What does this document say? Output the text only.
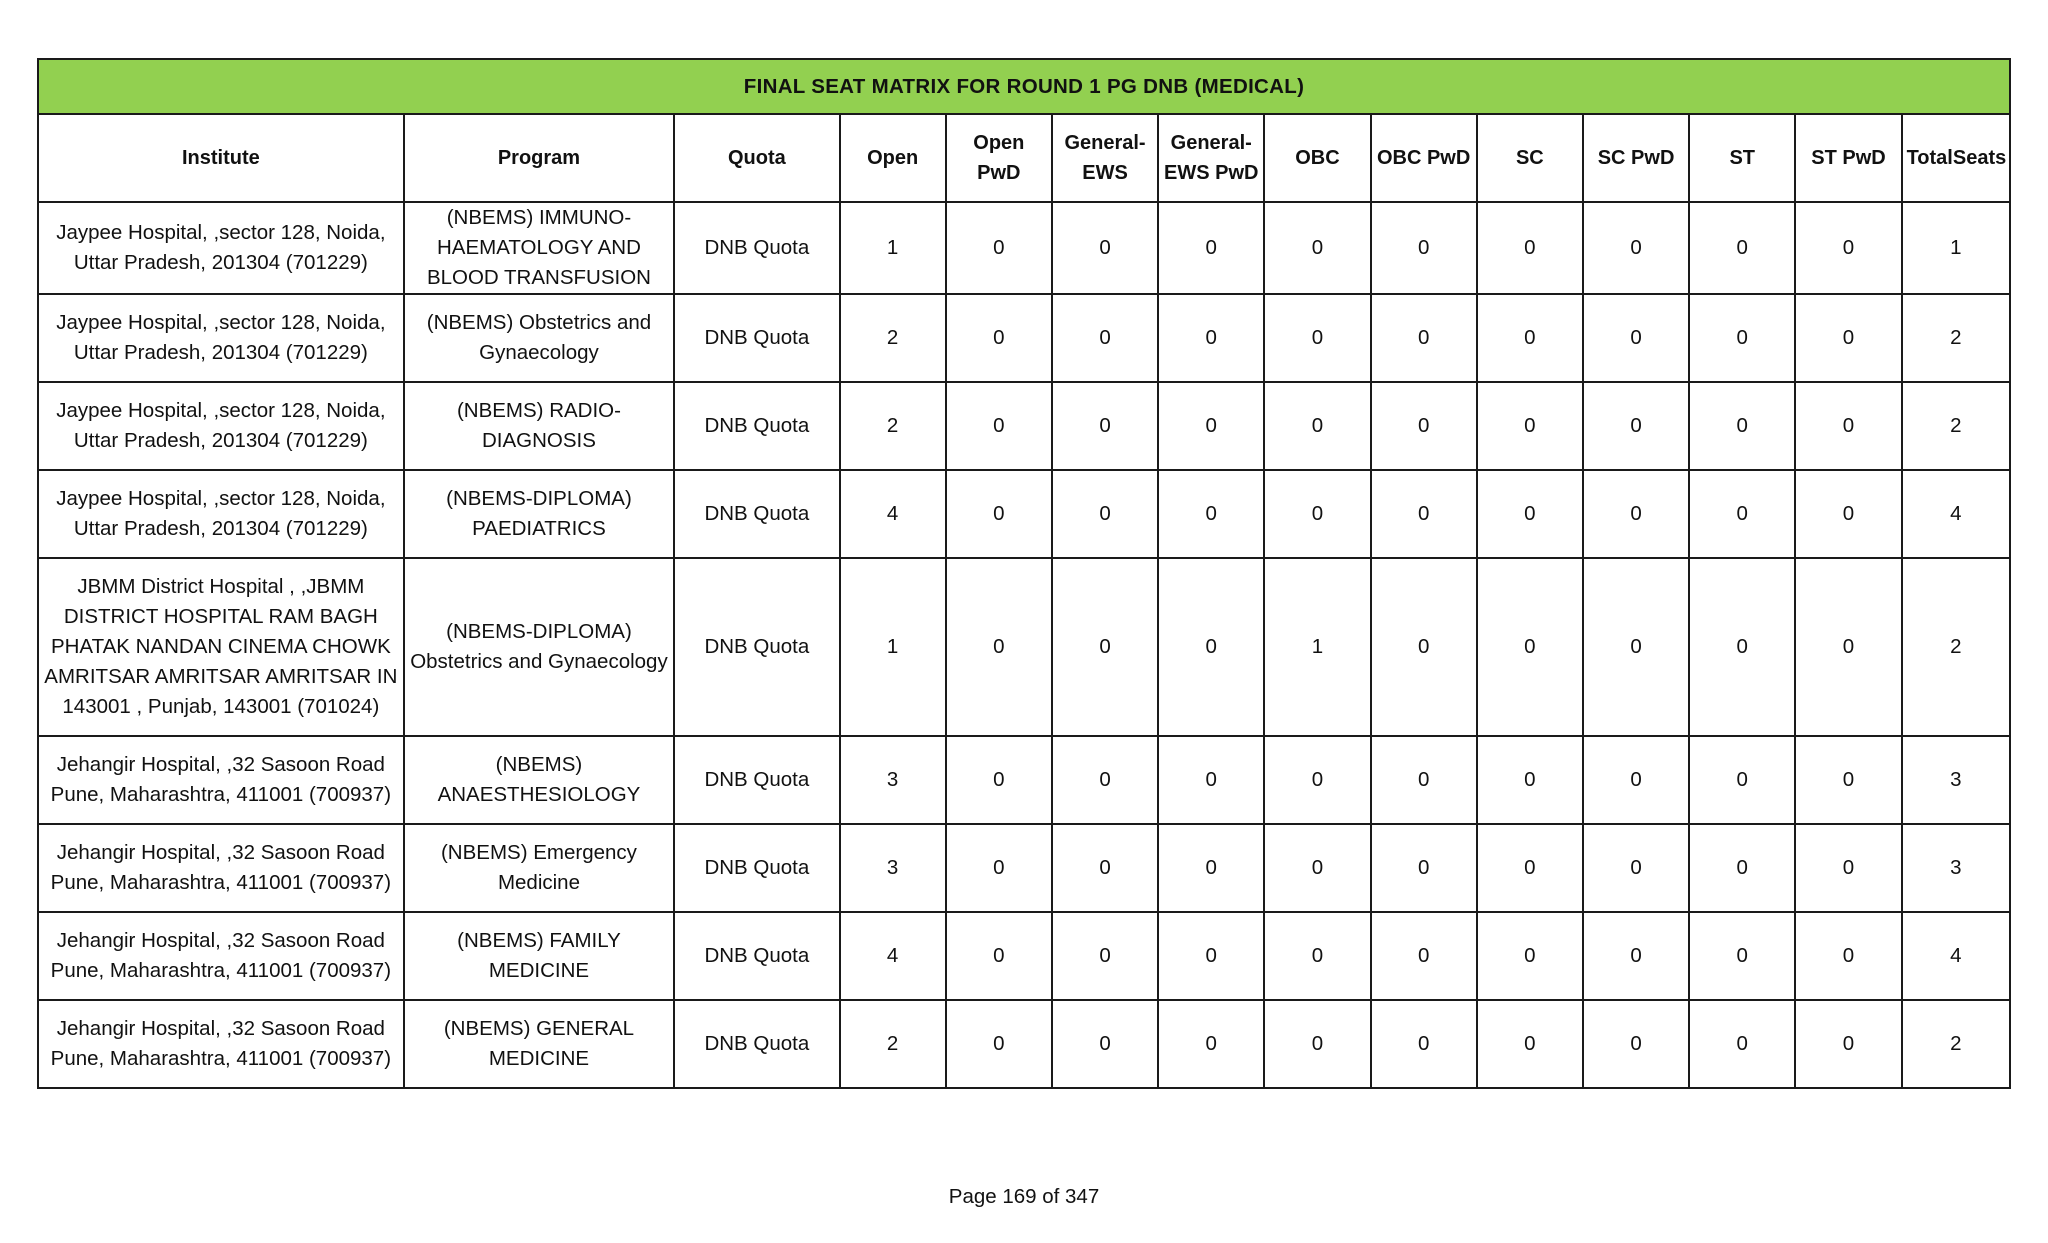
FINAL SEAT MATRIX FOR ROUND 1 PG DNB (MEDICAL)													
Institute	Program	Quota	Open	Open PwD	General-EWS	General-EWS PwD	OBC	OBC PwD	SC	SC PwD	ST	ST PwD	TotalSeats
Jaypee Hospital, ,sector 128, Noida, Uttar Pradesh, 201304 (701229)	(NBEMS) IMMUNO-HAEMATOLOGY AND BLOOD TRANSFUSION	DNB Quota	1	0	0	0	0	0	0	0	0	0	1
Jaypee Hospital, ,sector 128, Noida, Uttar Pradesh, 201304 (701229)	(NBEMS) Obstetrics and Gynaecology	DNB Quota	2	0	0	0	0	0	0	0	0	0	2
Jaypee Hospital, ,sector 128, Noida, Uttar Pradesh, 201304 (701229)	(NBEMS) RADIO-DIAGNOSIS	DNB Quota	2	0	0	0	0	0	0	0	0	0	2
Jaypee Hospital, ,sector 128, Noida, Uttar Pradesh, 201304 (701229)	(NBEMS-DIPLOMA) PAEDIATRICS	DNB Quota	4	0	0	0	0	0	0	0	0	0	4
JBMM District Hospital , ,JBMM DISTRICT HOSPITAL RAM BAGH PHATAK NANDAN CINEMA CHOWK AMRITSAR AMRITSAR AMRITSAR IN 143001 , Punjab, 143001 (701024)	(NBEMS-DIPLOMA) Obstetrics and Gynaecology	DNB Quota	1	0	0	0	1	0	0	0	0	0	2
Jehangir Hospital, ,32 Sasoon Road Pune, Maharashtra, 411001 (700937)	(NBEMS) ANAESTHESIOLOGY	DNB Quota	3	0	0	0	0	0	0	0	0	0	3
Jehangir Hospital, ,32 Sasoon Road Pune, Maharashtra, 411001 (700937)	(NBEMS) Emergency Medicine	DNB Quota	3	0	0	0	0	0	0	0	0	0	3
Jehangir Hospital, ,32 Sasoon Road Pune, Maharashtra, 411001 (700937)	(NBEMS) FAMILY MEDICINE	DNB Quota	4	0	0	0	0	0	0	0	0	0	4
Jehangir Hospital, ,32 Sasoon Road Pune, Maharashtra, 411001 (700937)	(NBEMS) GENERAL MEDICINE	DNB Quota	2	0	0	0	0	0	0	0	0	0	2
Page 169 of 347
